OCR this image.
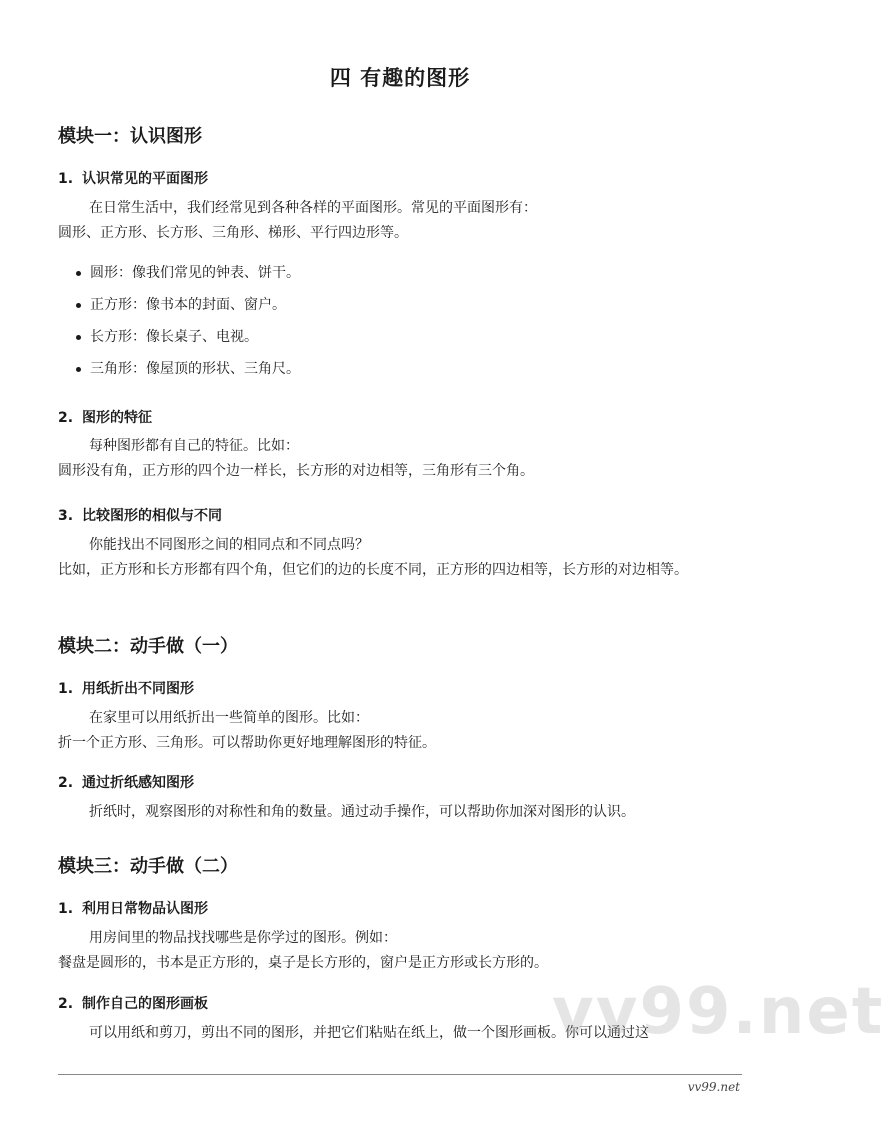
四 有趣的图形
模块一：认识图形
1. 认识常见的平面图形
在日常生活中，我们经常见到各种各样的平面图形。常见的平面图形有：
圆形、正方形、长方形、三角形、梯形、平行四边形等。
圆形：像我们常见的钟表、饼干。
正方形：像书本的封面、窗户。
长方形：像长桌子、电视。
三角形：像屋顶的形状、三角尺。
2. 图形的特征
每种图形都有自己的特征。比如：
圆形没有角，正方形的四个边一样长，长方形的对边相等，三角形有三个角。
3. 比较图形的相似与不同
你能找出不同图形之间的相同点和不同点吗？
比如，正方形和长方形都有四个角，但它们的边的长度不同，正方形的四边相等，长方形的对边相等。
模块二：动手做（一）
1. 用纸折出不同图形
在家里可以用纸折出一些简单的图形。比如：
折一个正方形、三角形。可以帮助你更好地理解图形的特征。
2. 通过折纸感知图形
折纸时，观察图形的对称性和角的数量。通过动手操作，可以帮助你加深对图形的认识。
模块三：动手做（二）
1. 利用日常物品认图形
用房间里的物品找找哪些是你学过的图形。例如：
餐盘是圆形的，书本是正方形的，桌子是长方形的，窗户是正方形或长方形的。
2. 制作自己的图形画板
可以用纸和剪刀，剪出不同的图形，并把它们粘贴在纸上，做一个图形画板。你可以通过这
vv99.net
vv99.net
